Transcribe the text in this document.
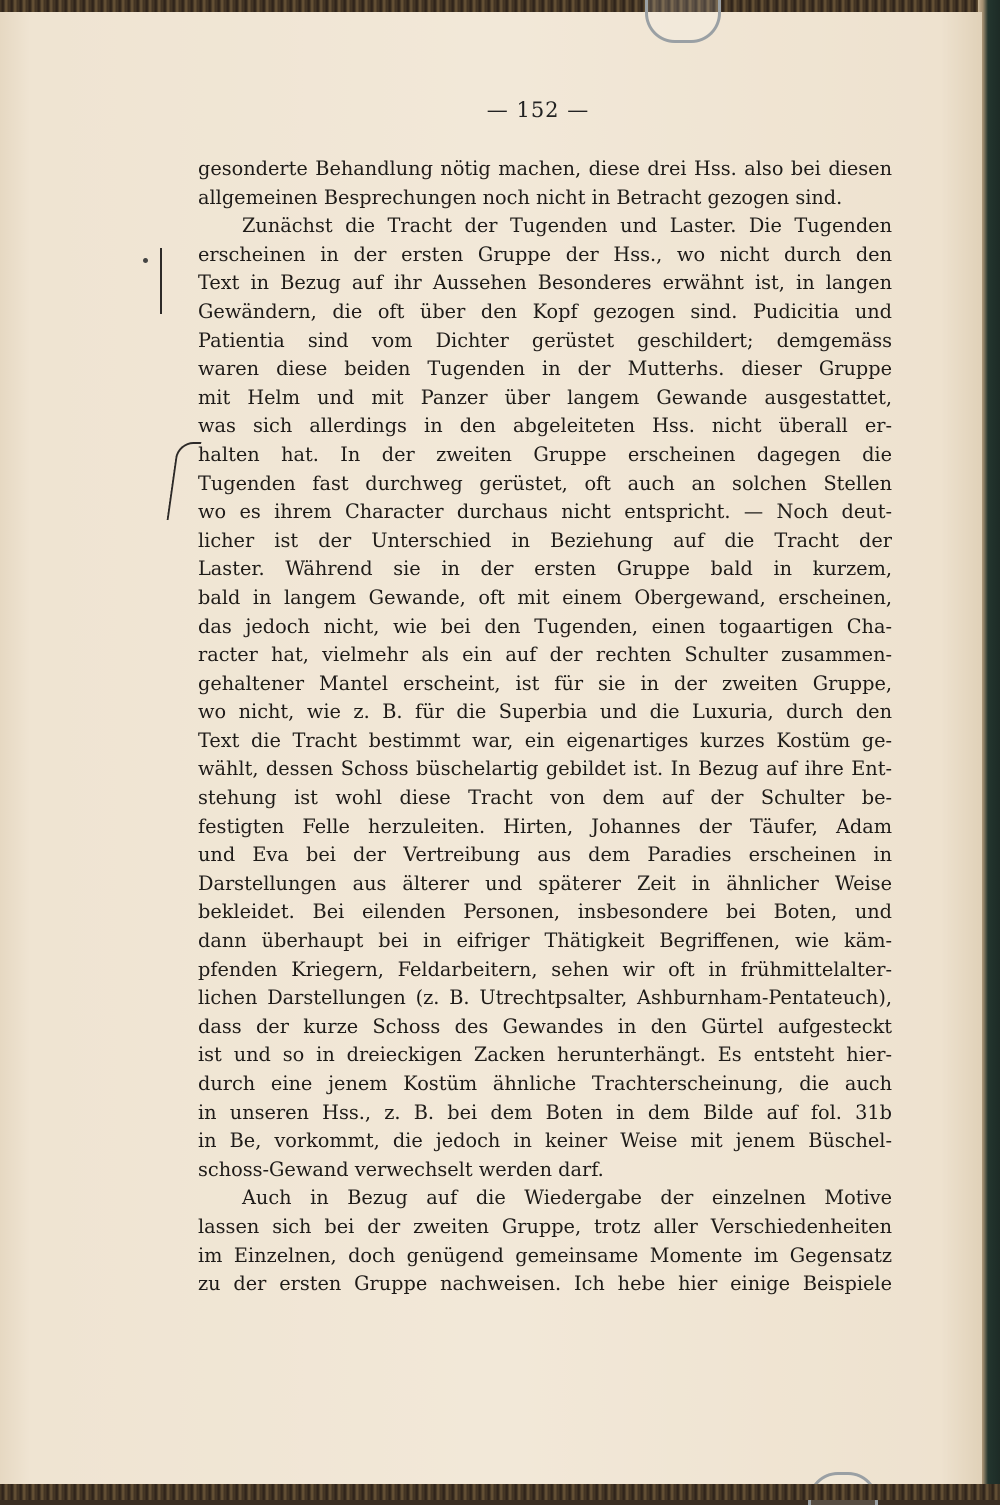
— 152 —
gesonderte Behandlung nötig machen, diese drei Hss. also bei diesen
allgemeinen Besprechungen noch nicht in Betracht gezogen sind.
Zunächst die Tracht der Tugenden und Laster. Die Tugenden
erscheinen in der ersten Gruppe der Hss., wo nicht durch den
Text in Bezug auf ihr Aussehen Besonderes erwähnt ist, in langen
Gewändern, die oft über den Kopf gezogen sind. Pudicitia und
Patientia sind vom Dichter gerüstet geschildert; demgemäss
waren diese beiden Tugenden in der Mutterhs. dieser Gruppe
mit Helm und mit Panzer über langem Gewande ausgestattet,
was sich allerdings in den abgeleiteten Hss. nicht überall er-
halten hat. In der zweiten Gruppe erscheinen dagegen die
Tugenden fast durchweg gerüstet, oft auch an solchen Stellen
wo es ihrem Character durchaus nicht entspricht. — Noch deut-
licher ist der Unterschied in Beziehung auf die Tracht der
Laster. Während sie in der ersten Gruppe bald in kurzem,
bald in langem Gewande, oft mit einem Obergewand, erscheinen,
das jedoch nicht, wie bei den Tugenden, einen togaartigen Cha-
racter hat, vielmehr als ein auf der rechten Schulter zusammen-
gehaltener Mantel erscheint, ist für sie in der zweiten Gruppe,
wo nicht, wie z. B. für die Superbia und die Luxuria, durch den
Text die Tracht bestimmt war, ein eigenartiges kurzes Kostüm ge-
wählt, dessen Schoss büschelartig gebildet ist. In Bezug auf ihre Ent-
stehung ist wohl diese Tracht von dem auf der Schulter be-
festigten Felle herzuleiten. Hirten, Johannes der Täufer, Adam
und Eva bei der Vertreibung aus dem Paradies erscheinen in
Darstellungen aus älterer und späterer Zeit in ähnlicher Weise
bekleidet. Bei eilenden Personen, insbesondere bei Boten, und
dann überhaupt bei in eifriger Thätigkeit Begriffenen, wie käm-
pfenden Kriegern, Feldarbeitern, sehen wir oft in frühmittelalter-
lichen Darstellungen (z. B. Utrechtpsalter, Ashburnham-Pentateuch),
dass der kurze Schoss des Gewandes in den Gürtel aufgesteckt
ist und so in dreieckigen Zacken herunterhängt. Es entsteht hier-
durch eine jenem Kostüm ähnliche Trachterscheinung, die auch
in unseren Hss., z. B. bei dem Boten in dem Bilde auf fol. 31b
in Be, vorkommt, die jedoch in keiner Weise mit jenem Büschel-
schoss-Gewand verwechselt werden darf.
Auch in Bezug auf die Wiedergabe der einzelnen Motive
lassen sich bei der zweiten Gruppe, trotz aller Verschiedenheiten
im Einzelnen, doch genügend gemeinsame Momente im Gegensatz
zu der ersten Gruppe nachweisen. Ich hebe hier einige Beispiele
